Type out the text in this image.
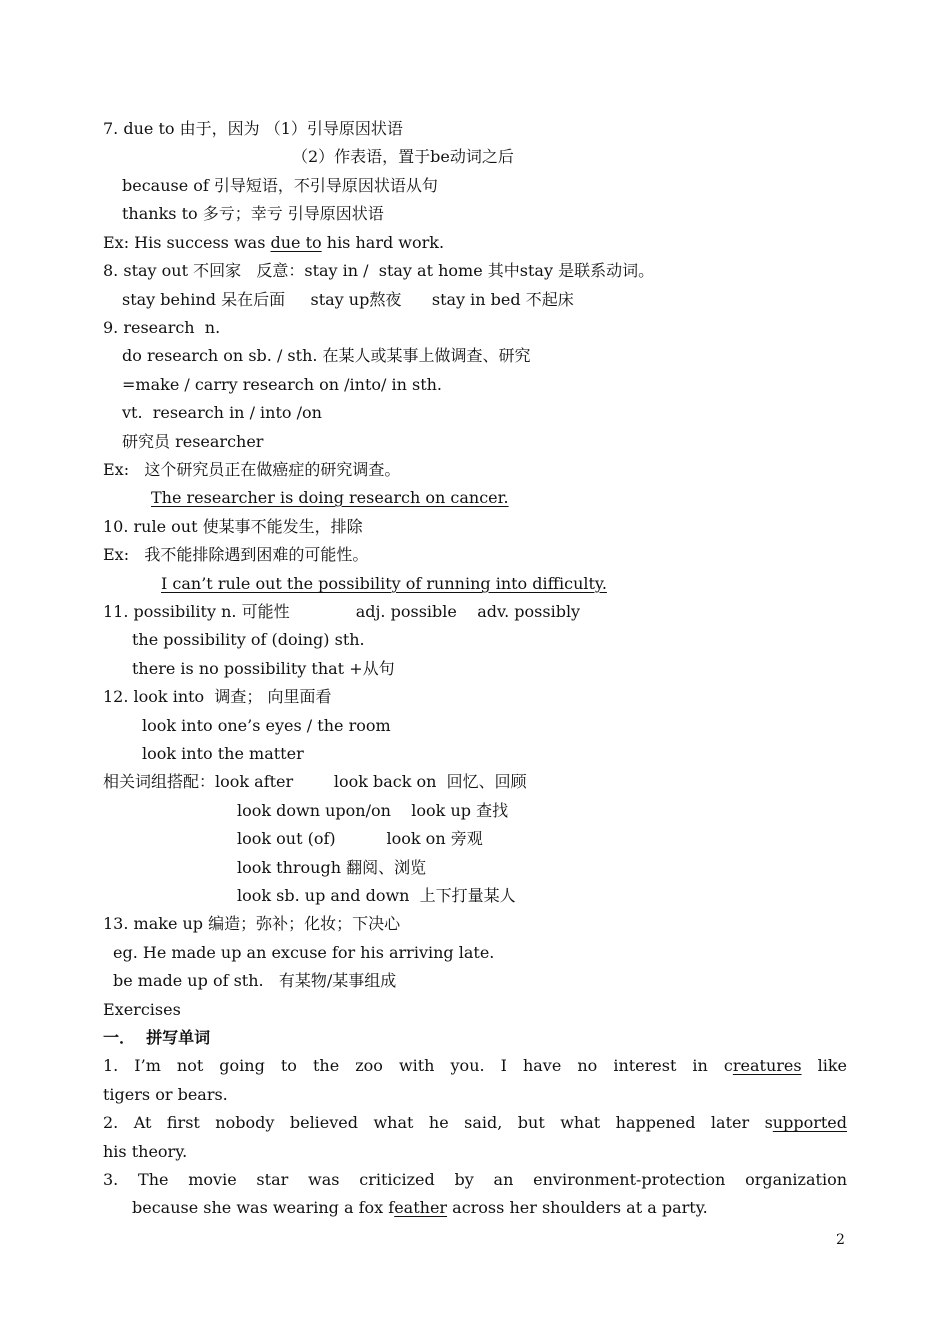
7. due to 由于，因为 （1）引导原因状语
（2）作表语，置于be动词之后
because of 引导短语，不引导原因状语从句
thanks to 多亏；幸亏 引导原因状语
Ex: His success was due to his hard work.
8. stay out 不回家   反意：stay in /  stay at home 其中stay 是联系动词。
stay behind 呆在后面     stay up熬夜      stay in bed 不起床
9. research  n.
do research on sb. / sth. 在某人或某事上做调查、研究
=make / carry research on /into/ in sth.
vt.  research in / into /on
研究员 researcher
Ex:   这个研究员正在做癌症的研究调查。
The researcher is doing research on cancer.
10. rule out 使某事不能发生，排除
Ex:   我不能排除遇到困难的可能性。
I can’t rule out the possibility of running into difficulty.
11. possibility n. 可能性             adj. possible    adv. possibly
the possibility of (doing) sth.
there is no possibility that +从句
12. look into  调查； 向里面看
look into one’s eyes / the room
look into the matter
相关词组搭配：look after        look back on  回忆、回顾
look down upon/on    look up 查找
look out (of)          look on 旁观
look through 翻阅、浏览
look sb. up and down  上下打量某人
13. make up 编造；弥补；化妆；下决心
eg. He made up an excuse for his arriving late.
be made up of sth.   有某物/某事组成
Exercises
一．  拼写单词
1. I’m not going to the zoo with you. I have no interest in creatures like
tigers or bears.
2. At first nobody believed what he said, but what happened later supported
his theory.
3. The movie star was criticized by an environment-protection organization
because she was wearing a fox feather across her shoulders at a party.
2
